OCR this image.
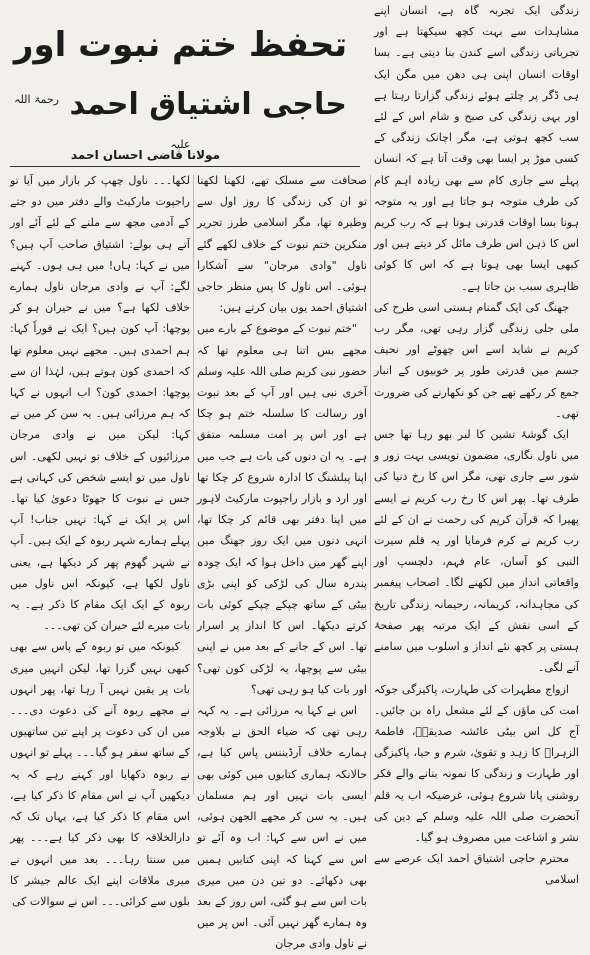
تحفظ ختم نبوت اور
حاجی اشتیاق احمد $^{رحمۃ اللہ علیہ}$
مولانا قاضی احسان احمد

زندگی ایک تجربہ گاہ ہے، انسان اپنے مشاہدات سے بہت کچھ سیکھتا ہے اور تجرباتی زندگی اسے کندن بنا دیتی ہے۔ بسا اوقات انسان اپنی ہی دھن میں مگن ایک ہی ڈگر پر چلتے ہوئے زندگی گزارتا رہتا ہے اور یہی زندگی کی صبح و شام اس کے لئے سب کچھ ہوتی ہے، مگر اچانک زندگی کے کسی موڑ پر ایسا بھی وقت آتا ہے کہ انسان پہلے سے جاری کام سے بھی زیادہ اہم کام کی طرف متوجہ ہو جاتا ہے اور یہ متوجہ ہونا بسا اوقات قدرتی ہوتا ہے کہ رب کریم اس کا ذہن اس طرف مائل کر دیتے ہیں اور کبھی ایسا بھی ہوتا ہے کہ اس کا کوئی ظاہری سبب بن جاتا ہے۔

جھنگ کی ایک گمنام ہستی اسی طرح کی ملی جلی زندگی گزار رہی تھی، مگر رب کریم نے شاید اسے اس چھوٹے اور نحیف جسم میں قدرتی طور پر خوبیوں کے انبار جمع کر رکھے تھے جن کو نکھارنے کی ضرورت تھی۔

ایک گوشۂ نشین کا لبر بھو رہا تھا جس میں ناول نگاری، مضمون نویسی بہت زور و شور سے جاری تھی، مگر اس کا رخ دنیا کی طرف تھا۔ پھر اس کا رخ رب کریم نے ایسے پھیرا کہ قرآن کریم کی رحمت نے ان کے لئے رب کریم نے کرم فرمایا اور یہ قلم سیرت النبی کو آسان، عام فہم، دلچسپ اور واقعاتی انداز میں لکھنے لگا۔ اصحاب پیغمبر کی مجاہدانہ، کریمانہ، رحیمانہ زندگی تاریخ کے اسی نقش کے ایک مرتبہ پھر صفحۂ ہستی پر کچھ نئے انداز و اسلوب میں سامنے آنے لگی۔

ازواج مطہرات کی طہارت، پاکیزگی جوکہ امت کی ماؤں کے لئے مشعل راہ بن جائیں۔ آج کل اس بیٹی عائشہ صدیقہؓ، فاطمۃ الزہراؓ کا زہد و تقویٰ، شرم و حیا، پاکیزگی اور طہارت و زندگی کا نمونہ بنانے والے فکر روشنی پانا شروع ہوئی، غرضیکہ اب یہ قلم آنحضرت صلی اللہ علیہ وسلم کے دین کی نشر و اشاعت میں مصروف ہو گیا۔

محترم حاجی اشتیاق احمد ایک عرصے سے اسلامی

صحافت سے مسلک تھے، لکھنا لکھنا تو ان کی زندگی کا روز اول سے وطیرہ تھا، مگر اسلامی طرز تحریر منکرین ختم نبوت کے خلاف لکھے گئے ناول "وادی مرجان" سے آشکارا ہوئی۔ اس ناول کا پس منظر حاجی اشتیاق احمد یوں بیان کرتے ہیں:

"ختم نبوت کے موضوع کے بارے میں مجھے بس اتنا ہی معلوم تھا کہ حضور نبی کریم صلی اللہ علیہ وسلم آخری نبی ہیں اور آپ کے بعد نبوت اور رسالت کا سلسلہ ختم ہو چکا ہے اور اس پر امت مسلمہ متفق ہے۔ یہ ان دنوں کی بات ہے جب میں اپنا پبلشنگ کا ادارہ شروع کر چکا تھا اور ارد و بازار راجپوت مارکیٹ لاہور میں اپنا دفتر بھی قائم کر چکا تھا، انہی دنوں میں ایک روز جھنگ میں اپنے گھر میں داخل ہوا کہ ایک چودہ پندرہ سال کی لڑکی کو اپنی بڑی بیٹی کے ساتھ چپکے چپکے کوئی بات کرتے دیکھا۔ اس کا انداز پر اسرار تھا۔ اس کے جانے کے بعد میں نے اپنی بیٹی سے پوچھا، یہ لڑکی کون تھی؟ اور بات کیا ہو رہی تھی؟

اس نے کہا یہ مرزائی ہے۔ یہ کہہ رہی تھی کہ ضیاء الحق نے بلاوجہ ہمارے خلاف آرڈیننس پاس کیا ہے، حالانکہ ہماری کتابوں میں کوئی بھی ایسی بات نہیں اور ہم مسلمان ہیں۔ یہ سن کر مجھے الجھن ہوئی، میں نے اس سے کہا: اب وہ آئے تو اس سے کہنا کہ اپنی کتابیں ہمیں بھی دکھائے۔ دو تین دن میں میری بات اس سے ہو گئی، اس روز کے بعد وہ ہمارے گھر نہیں آئی۔ اس پر میں نے ناول وادی مرجان

لکھا۔۔۔ ناول چھپ کر بازار میں آیا تو راجپوت مارکیٹ والے دفتر میں دو جتے کے آدمی مجھ سے ملنے کے لئے آئے اور آتے ہی بولے: اشتیاق صاحب آپ ہیں؟ میں نے کہا: ہاں! میں ہی ہوں۔ کہنے لگے: آپ نے وادی مرجان ناول ہمارے خلاف لکھا ہے؟ میں نے حیران ہو کر پوچھا: آپ کون ہیں؟ ایک نے فوراً کہا: ہم احمدی ہیں۔ مجھے نہیں معلوم تھا کہ احمدی کون ہوتے ہیں، لہٰذا ان سے پوچھا: احمدی کون؟ اب انہوں نے کہا کہ ہم مرزائی ہیں۔ یہ سن کر میں نے کہا: لیکن میں نے وادی مرجان مرزائیوں کے خلاف تو نہیں لکھی۔ اس ناول میں تو ایسے شخص کی کہانی ہے جس نے نبوت کا جھوٹا دعویٰ کیا تھا۔ اس پر ایک نے کہا: نہیں جناب! آپ پہلے ہمارے شہر ربوہ کے ایک ہیں۔ آپ نے شہر گھوم پھر کر دیکھا ہے، یعنی ناول لکھا ہے، کیونکہ اس ناول میں ربوہ کے ایک ایک مقام کا ذکر ہے۔ یہ بات میرے لئے حیران کن تھی۔۔۔

کیونکہ میں تو ربوہ کے پاس سے بھی کبھی نہیں گزرا تھا، لیکن انہیں میری بات پر یقین نہیں آ رہا تھا، پھر انہوں نے مجھے ربوہ آنے کی دعوت دی۔۔۔ میں ان کی دعوت پر اپنے تین ساتھیوں کے ساتھ سفر ہو گیا۔۔۔ پہلے تو انہوں نے ربوہ دکھایا اور کہنے رہے کہ یہ دیکھیں آپ نے اس مقام کا ذکر کیا ہے، اس مقام کا ذکر کیا ہے، یہاں تک کہ دارالخلافہ کا بھی ذکر کیا ہے۔۔۔ پھر میں سنتا رہا۔۔۔ بعد میں انہوں نے میری ملاقات اپنے ایک عالم جیشر کا بلوں سے کرائی۔۔۔ اس نے سوالات کی
